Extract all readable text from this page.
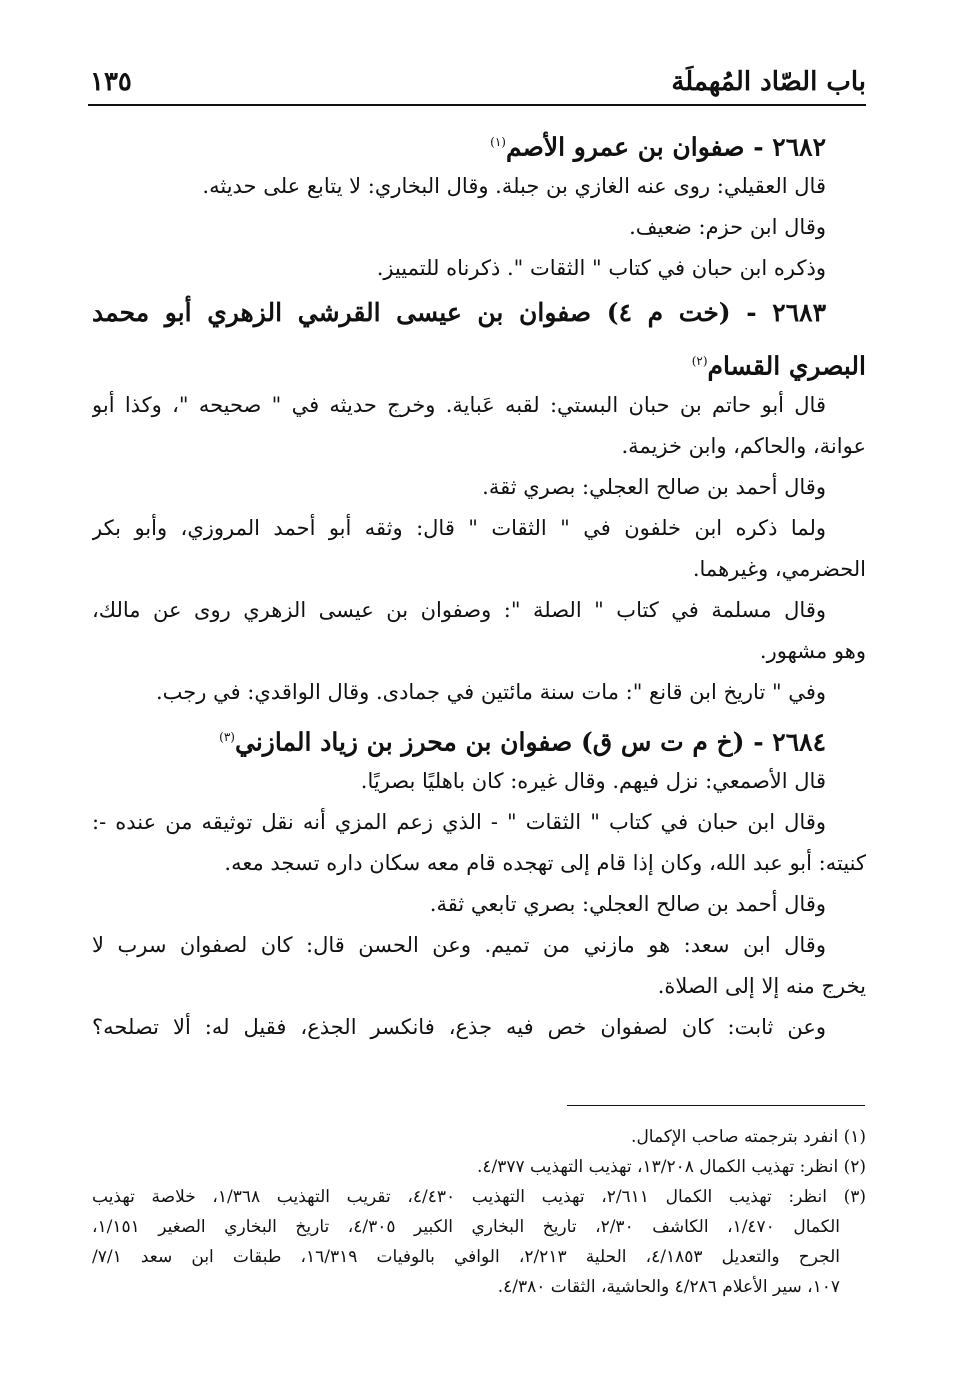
باب الصّاد المُهملَة
١٣٥
٢٦٨٢ - صفوان بن عمرو الأصم$^{(١)}$
قال العقيلي: روى عنه الغازي بن جبلة. وقال البخاري: لا يتابع على حديثه.
وقال ابن حزم: ضعيف.
وذكره ابن حبان في كتاب " الثقات ". ذكرناه للتمييز.
٢٦٨٣ - (خت م ٤) صفوان بن عيسى القرشي الزهري أبو محمد
البصري القسام$^{(٢)}$
قال أبو حاتم بن حبان البستي: لقبه عَباية. وخرج حديثه في " صحيحه "، وكذا أبو
عوانة، والحاكم، وابن خزيمة.
وقال أحمد بن صالح العجلي: بصري ثقة.
ولما ذكره ابن خلفون في " الثقات " قال: وثقه أبو أحمد المروزي، وأبو بكر
الحضرمي، وغيرهما.
وقال مسلمة في كتاب " الصلة ": وصفوان بن عيسى الزهري روى عن مالك،
وهو مشهور.
وفي " تاريخ ابن قانع ": مات سنة مائتين في جمادى. وقال الواقدي: في رجب.
٢٦٨٤ - (خ م ت س ق) صفوان بن محرز بن زياد المازني$^{(٣)}$
قال الأصمعي: نزل فيهم. وقال غيره: كان باهليًا بصريًا.
وقال ابن حبان في كتاب " الثقات " - الذي زعم المزي أنه نقل توثيقه من عنده -:
كنيته: أبو عبد الله، وكان إذا قام إلى تهجده قام معه سكان داره تسجد معه.
وقال أحمد بن صالح العجلي: بصري تابعي ثقة.
وقال ابن سعد: هو مازني من تميم. وعن الحسن قال: كان لصفوان سرب لا
يخرج منه إلا إلى الصلاة.
وعن ثابت: كان لصفوان خص فيه جذع، فانكسر الجذع، فقيل له: ألا تصلحه؟
(١) انفرد بترجمته صاحب الإكمال.
(٢) انظر: تهذيب الكمال ١٣/٢٠٨، تهذيب التهذيب ٤/٣٧٧.
(٣) انظر: تهذيب الكمال ٢/٦١١، تهذيب التهذيب ٤/٤٣٠، تقريب التهذيب ١/٣٦٨، خلاصة تهذيب
الكمال ١/٤٧٠، الكاشف ٢/٣٠، تاريخ البخاري الكبير ٤/٣٠٥، تاريخ البخاري الصغير ١/١٥١،
الجرح والتعديل ٤/١٨٥٣، الحلية ٢/٢١٣، الوافي بالوفيات ١٦/٣١٩، طبقات ابن سعد ٧/١/
١٠٧، سير الأعلام ٤/٢٨٦ والحاشية، الثقات ٤/٣٨٠.
